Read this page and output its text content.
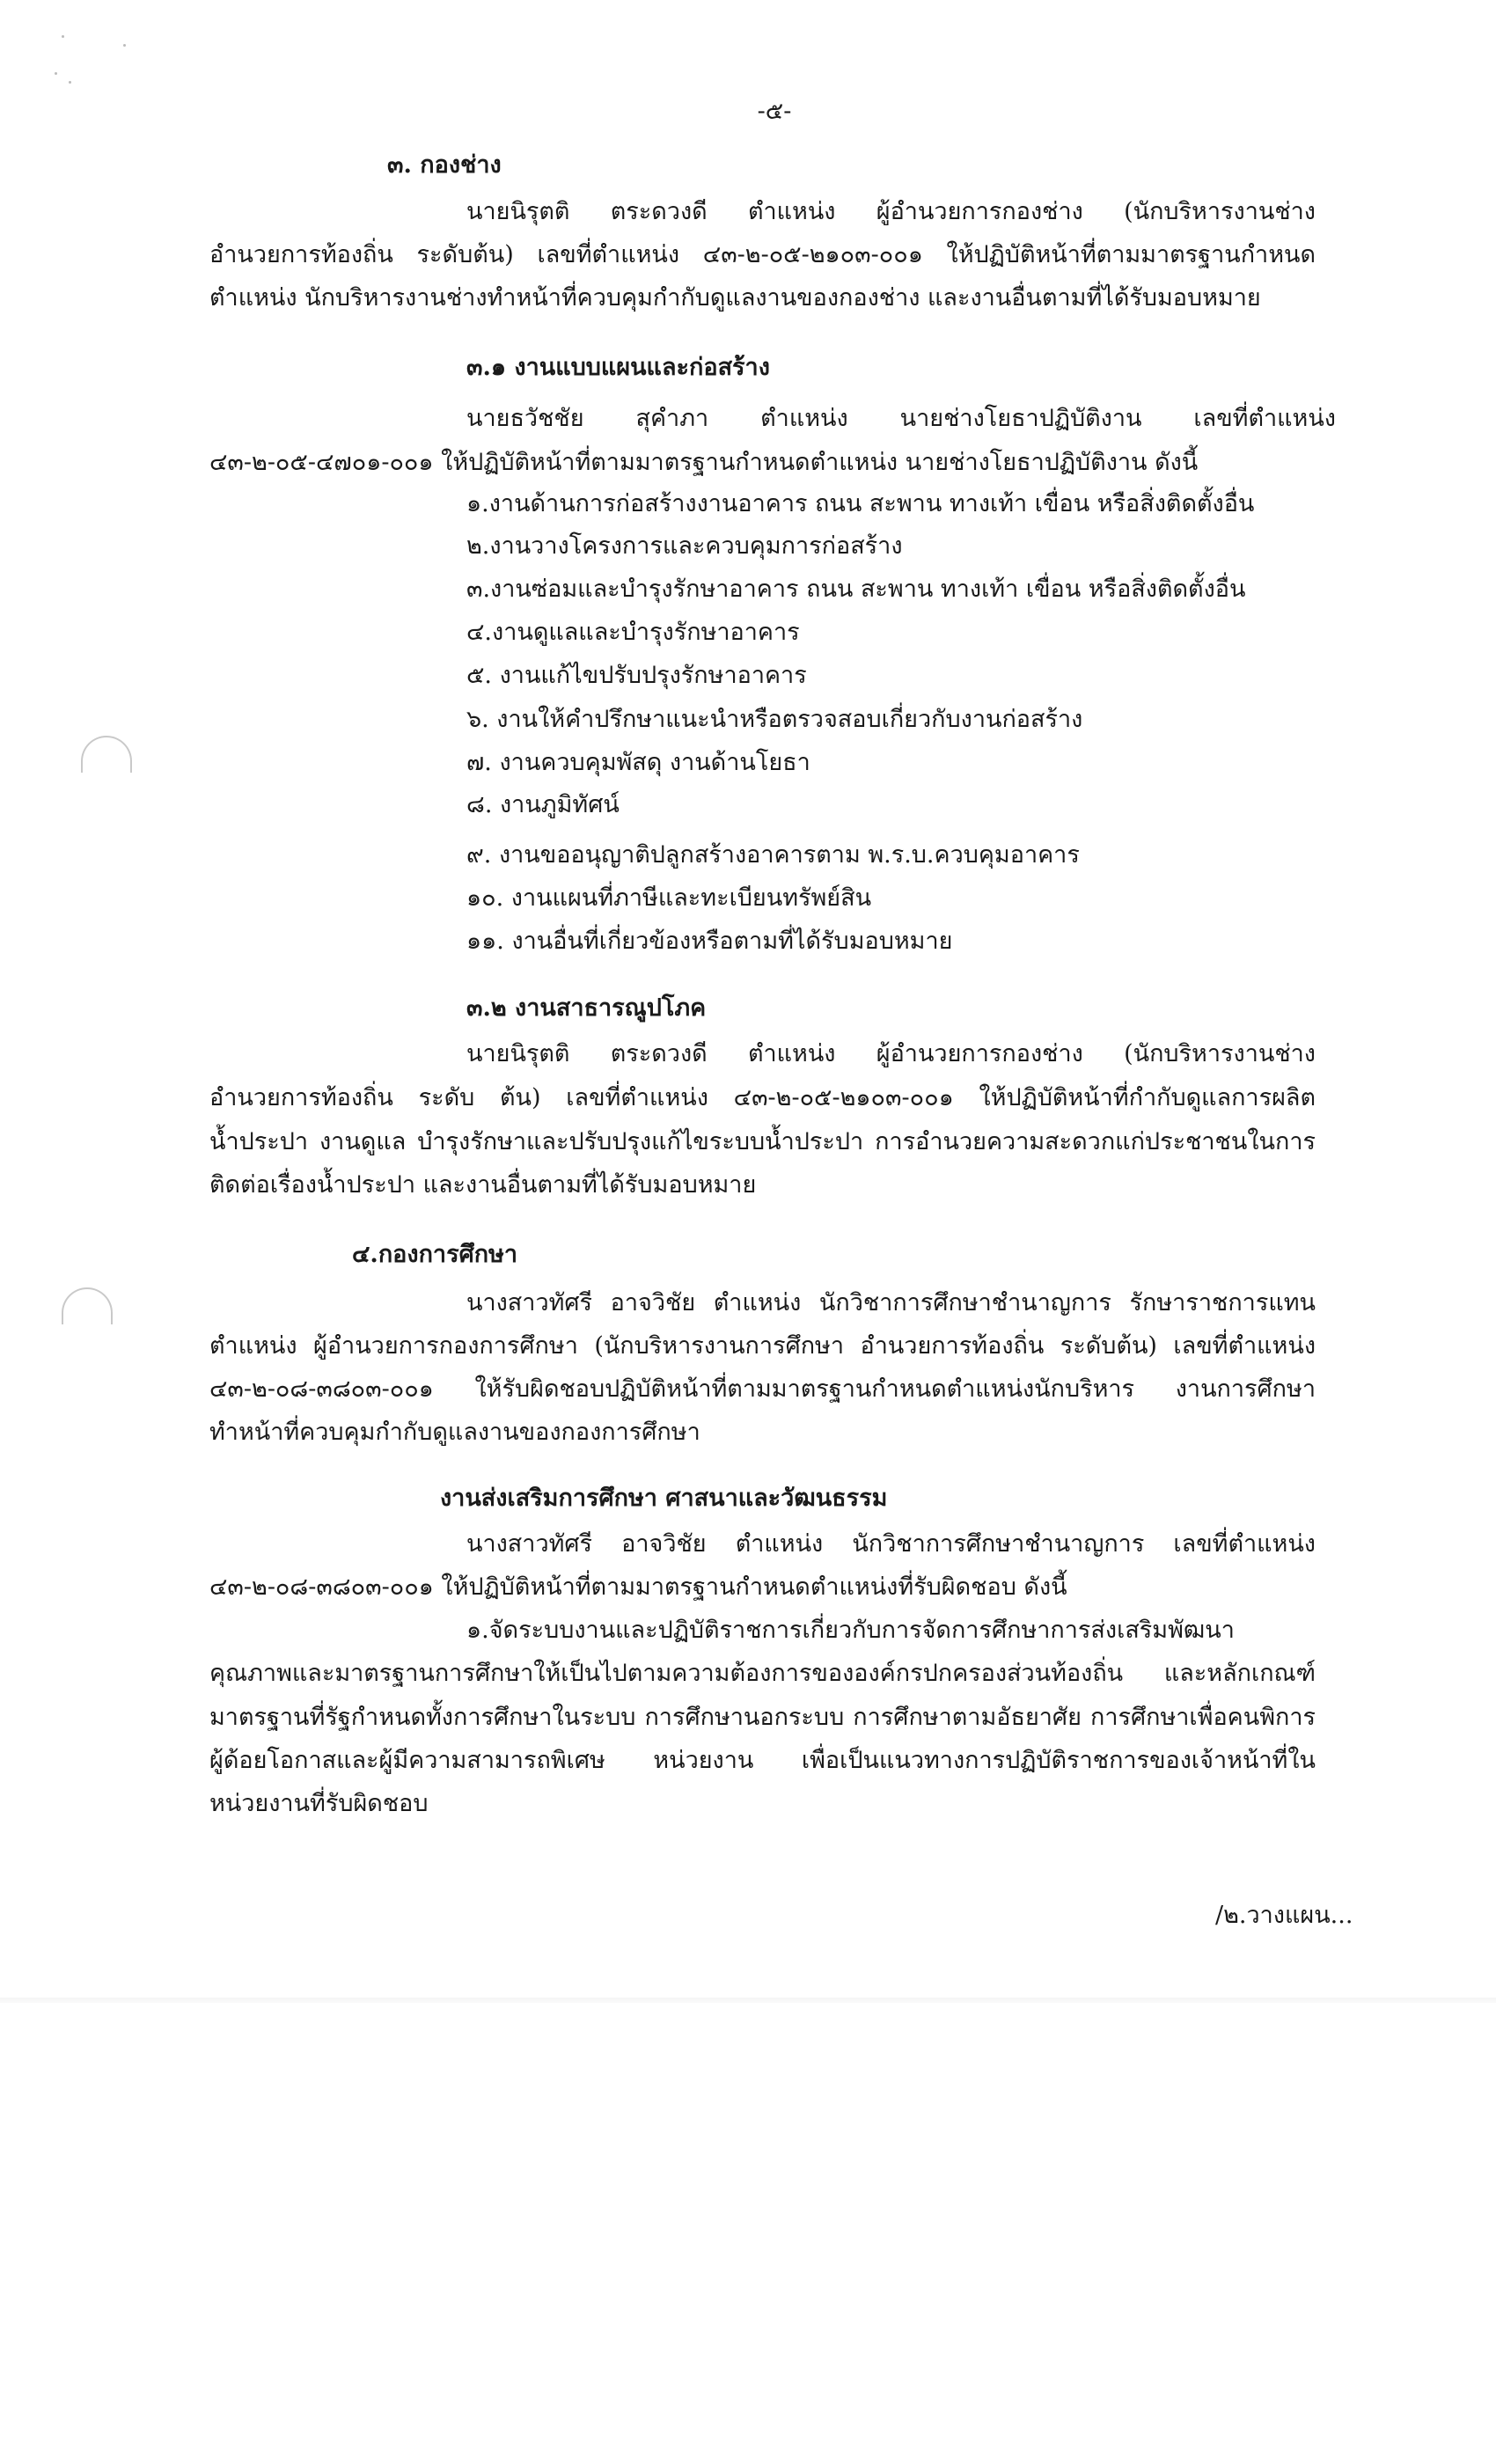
-๕-
๓. กองช่าง
นายนิรุตติ ตระดวงดี ตำแหน่ง ผู้อำนวยการกองช่าง (นักบริหารงานช่าง
อำนวยการท้องถิ่น ระดับต้น) เลขที่ตำแหน่ง ๔๓-๒-๐๕-๒๑๐๓-๐๐๑ ให้ปฏิบัติหน้าที่ตามมาตรฐานกำหนด
ตำแหน่ง นักบริหารงานช่างทำหน้าที่ควบคุมกำกับดูแลงานของกองช่าง และงานอื่นตามที่ได้รับมอบหมาย
๓.๑ งานแบบแผนและก่อสร้าง
นายธวัชชัย สุคำภา ตำแหน่ง นายช่างโยธาปฏิบัติงาน เลขที่ตำแหน่ง
๔๓-๒-๐๕-๔๗๐๑-๐๐๑ ให้ปฏิบัติหน้าที่ตามมาตรฐานกำหนดตำแหน่ง นายช่างโยธาปฏิบัติงาน ดังนี้
๑.งานด้านการก่อสร้างงานอาคาร ถนน สะพาน ทางเท้า เขื่อน หรือสิ่งติดตั้งอื่น
๒.งานวางโครงการและควบคุมการก่อสร้าง
๓.งานซ่อมและบำรุงรักษาอาคาร ถนน สะพาน ทางเท้า เขื่อน หรือสิ่งติดตั้งอื่น
๔.งานดูแลและบำรุงรักษาอาคาร
๕. งานแก้ไขปรับปรุงรักษาอาคาร
๖. งานให้คำปรึกษาแนะนำหรือตรวจสอบเกี่ยวกับงานก่อสร้าง
๗. งานควบคุมพัสดุ งานด้านโยธา
๘. งานภูมิทัศน์
๙. งานขออนุญาติปลูกสร้างอาคารตาม พ.ร.บ.ควบคุมอาคาร
๑๐. งานแผนที่ภาษีและทะเบียนทรัพย์สิน
๑๑. งานอื่นที่เกี่ยวข้องหรือตามที่ได้รับมอบหมาย
๓.๒ งานสาธารณูปโภค
นายนิรุตติ ตระดวงดี ตำแหน่ง ผู้อำนวยการกองช่าง (นักบริหารงานช่าง
อำนวยการท้องถิ่น ระดับ ต้น) เลขที่ตำแหน่ง ๔๓-๒-๐๕-๒๑๐๓-๐๐๑ ให้ปฏิบัติหน้าที่กำกับดูแลการผลิต
น้ำประปา งานดูแล บำรุงรักษาและปรับปรุงแก้ไขระบบน้ำประปา การอำนวยความสะดวกแก่ประชาชนในการ
ติดต่อเรื่องน้ำประปา และงานอื่นตามที่ได้รับมอบหมาย
๔.กองการศึกษา
นางสาวทัศรี อาจวิชัย ตำแหน่ง นักวิชาการศึกษาชำนาญการ รักษาราชการแทน
ตำแหน่ง ผู้อำนวยการกองการศึกษา (นักบริหารงานการศึกษา อำนวยการท้องถิ่น ระดับต้น) เลขที่ตำแหน่ง
๔๓-๒-๐๘-๓๘๐๓-๐๐๑ ให้รับผิดชอบปฏิบัติหน้าที่ตามมาตรฐานกำหนดตำแหน่งนักบริหาร งานการศึกษา
ทำหน้าที่ควบคุมกำกับดูแลงานของกองการศึกษา
งานส่งเสริมการศึกษา ศาสนาและวัฒนธรรม
นางสาวทัศรี อาจวิชัย ตำแหน่ง นักวิชาการศึกษาชำนาญการ เลขที่ตำแหน่ง
๔๓-๒-๐๘-๓๘๐๓-๐๐๑ ให้ปฏิบัติหน้าที่ตามมาตรฐานกำหนดตำแหน่งที่รับผิดชอบ ดังนี้
๑.จัดระบบงานและปฏิบัติราชการเกี่ยวกับการจัดการศึกษาการส่งเสริมพัฒนา
คุณภาพและมาตรฐานการศึกษาให้เป็นไปตามความต้องการขององค์กรปกครองส่วนท้องถิ่น และหลักเกณฑ์
มาตรฐานที่รัฐกำหนดทั้งการศึกษาในระบบ การศึกษานอกระบบ การศึกษาตามอัธยาศัย การศึกษาเพื่อคนพิการ
ผู้ด้อยโอกาสและผู้มีความสามารถพิเศษ หน่วยงาน เพื่อเป็นแนวทางการปฏิบัติราชการของเจ้าหน้าที่ใน
หน่วยงานที่รับผิดชอบ
/๒.วางแผน...
